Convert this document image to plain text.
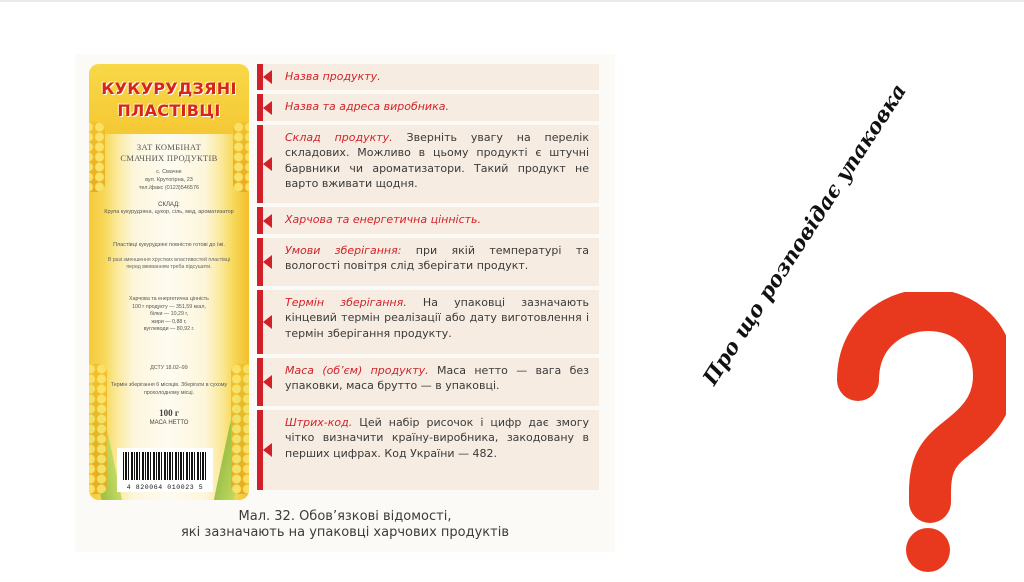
КУКУРУДЗЯНІ
ПЛАСТІВЦІ
ЗАТ КОМБІНАТ
СМАЧНИХ ПРОДУКТІВ
с. Смачне
вул. Крутогірна, 23
тел./факс (0123)546576
СКЛАД:
Крупа кукурудзяна, цукор, сіль, мед, ароматизатор
Пластівці кукурудзяні повністю готові до їжі.
В разі зменшення хрустких властивостей пластівці перед вживанням треба підсушити.
Харчова та енергетична цінність
100 г продукту — 351,59 ккал,
білки — 10,29 г,
жири — 0,88 г,
вуглеводи — 80,92 г.
ДСТУ 18.02–99
Термін зберігання 6 місяців. Зберігати в сухому прохолодному місці.
100 г
МАСА НЕТТО
4 820064 010023 5
Назва продукту.
Назва та адреса виробника.
Склад продукту. Зверніть увагу на перелік складових. Можливо в цьому продукті є штучні барвники чи ароматизатори. Такий продукт не варто вживати щодня.
Харчова та енергетична цінність.
Умови зберігання: при якій температурі та вологості повітря слід зберігати продукт.
Термін зберігання. На упаковці зазначають кінцевий термін реалізації або дату виготовлення і термін зберігання продукту.
Маса (об’єм) продукту. Маса нетто — вага без упаковки, маса брутто — в упаковці.
Штрих-код. Цей набір рисочок і цифр дає змогу чітко визначити країну-виробника, закодовану в перших цифрах. Код України — 482.
Мал. 32. Обов’язкові відомості,
які зазначають на упаковці харчових продуктів
Про що розповідає упаковка
